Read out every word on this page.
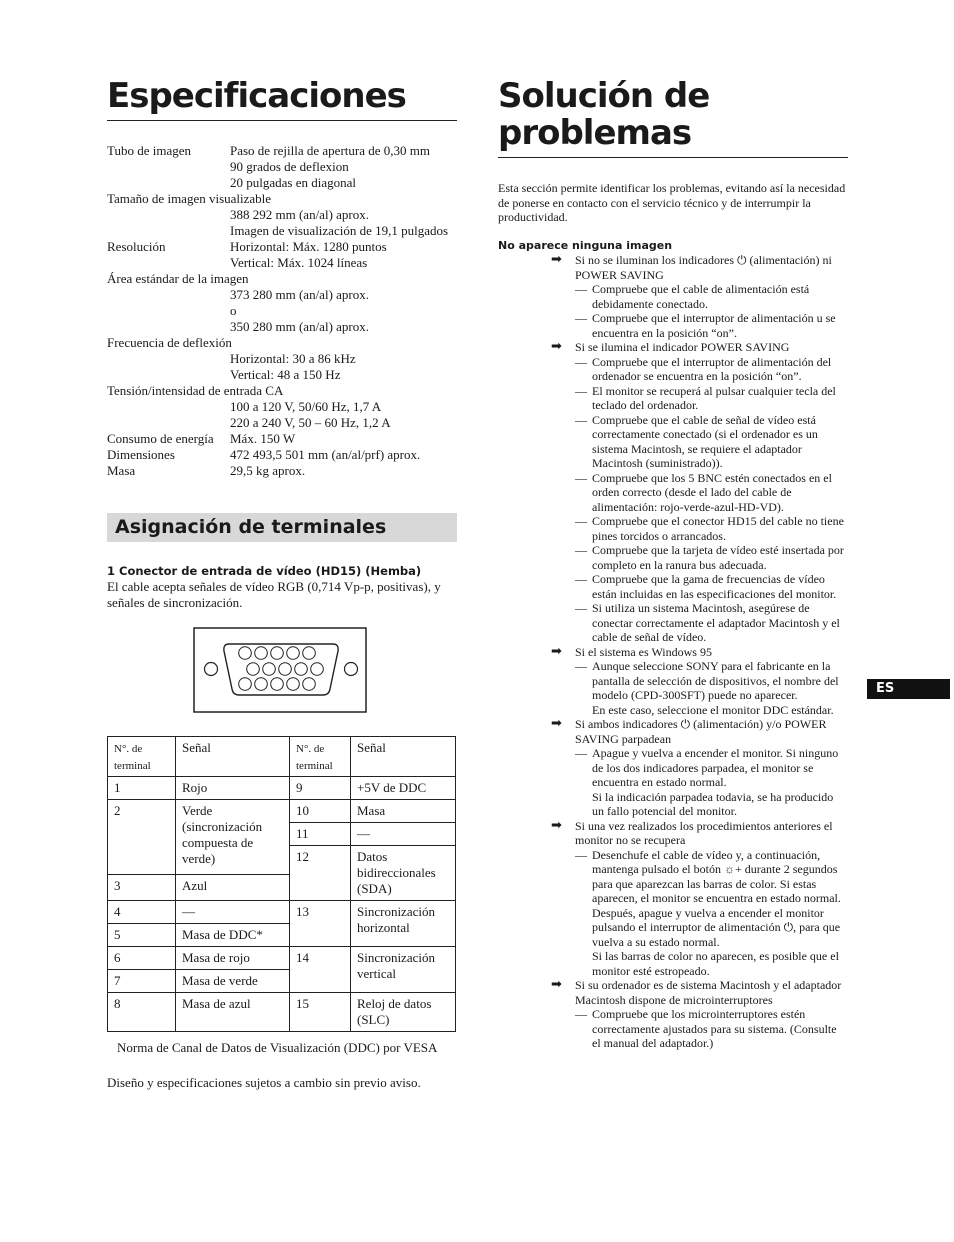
Especificaciones
Tubo de imagen	Paso de rejilla de apertura de 0,30 mm
90 grados de deflexion
20 pulgadas en diagonal
Tamaño de imagen visualizable
388 292 mm (an/al) aprox.
Imagen de visualización de 19,1 pulgados
Resolución	Horizontal: Máx. 1280 puntos
Vertical: Máx. 1024 líneas
Área estándar de la imagen
373 280 mm (an/al) aprox.
o
350 280 mm (an/al) aprox.
Frecuencia de deflexión
Horizontal: 30 a 86 kHz
Vertical: 48 a 150 Hz
Tensión/intensidad de entrada CA
100 a 120 V, 50/60 Hz, 1,7 A
220 a 240 V, 50 – 60 Hz, 1,2 A
Consumo de energía	Máx. 150 W
Dimensiones	472 493,5 501 mm (an/al/prf) aprox.
Masa	29,5 kg aprox.
Asignación de terminales
1 Conector de entrada de vídeo (HD15) (Hemba)
El cable acepta señales de vídeo RGB (0,714 Vp-p, positivas), y señales de sincronización.
N°. de terminal	Señal	N°. de terminal	Señal
1	Rojo	9	+5V de DDC
2	Verde (sincronización compuesta de verde)	10	Masa
		11	—
		12	Datos bidireccionales (SDA)
3	Azul		
4	—	13	Sincronización horizontal
5	Masa de DDC*		
6	Masa de rojo	14	Sincronización vertical
7	Masa de verde		
8	Masa de azul	15	Reloj de datos (SLC)
Norma de Canal de Datos de Visualización (DDC) por VESA
Diseño y especificaciones sujetos a cambio sin previo aviso.
Solución de
problemas
Esta sección permite identificar los problemas, evitando así la necesidad de ponerse en contacto con el servicio técnico y de interrumpir la productividad.
No aparece ninguna imagen
➡	Si no se iluminan los indicadores ⏻ (alimentación) ni POWER SAVING
— Compruebe que el cable de alimentación está debidamente conectado.
— Compruebe que el interruptor de alimentación u se encuentra en la posición “on”.
➡	Si se ilumina el indicador POWER SAVING
— Compruebe que el interruptor de alimentación del ordenador se encuentra en la posición “on”.
— El monitor se recuperá al pulsar cualquier tecla del teclado del ordenador.
— Compruebe que el cable de señal de vídeo está correctamente conectado (si el ordenador es un sistema Macintosh, se requiere el adaptador Macintosh (suministrado)).
— Compruebe que los 5 BNC estén conectados en el orden correcto (desde el lado del cable de alimentación: rojo-verde-azul-HD-VD).
— Compruebe que el conector HD15 del cable no tiene pines torcidos o arrancados.
— Compruebe que la tarjeta de vídeo esté insertada por completo en la ranura bus adecuada.
— Compruebe que la gama de frecuencias de vídeo están incluidas en las especificaciones del monitor.
— Si utiliza un sistema Macintosh, asegúrese de conectar correctamente el adaptador Macintosh y el cable de señal de vídeo.
➡	Si el sistema es Windows 95
— Aunque seleccione SONY para el fabricante en la pantalla de selección de dispositivos, el nombre del modelo (CPD-300SFT) puede no aparecer.
En este caso, seleccione el monitor DDC estándar.
➡	Si ambos indicadores ⏻ (alimentación) y/o POWER SAVING parpadean
— Apague y vuelva a encender el monitor. Si ninguno de los dos indicadores parpadea, el monitor se encuentra en estado normal.
Si la indicación parpadea todavia, se ha producido un fallo potencial del monitor.
➡	Si una vez realizados los procedimientos anteriores el monitor no se recupera
— Desenchufe el cable de vídeo y, a continuación, mantenga pulsado el botón ☼+ durante 2 segundos para que aparezcan las barras de color. Si estas aparecen, el monitor se encuentra en estado normal. Después, apague y vuelva a encender el monitor pulsando el interruptor de alimentación ⏻, para que vuelva a su estado normal.
Si las barras de color no aparecen, es posible que el monitor esté estropeado.
➡	Si su ordenador es de sistema Macintosh y el adaptador Macintosh dispone de microinterruptores
— Compruebe que los microinterruptores estén correctamente ajustados para su sistema. (Consulte el manual del adaptador.)
ES
